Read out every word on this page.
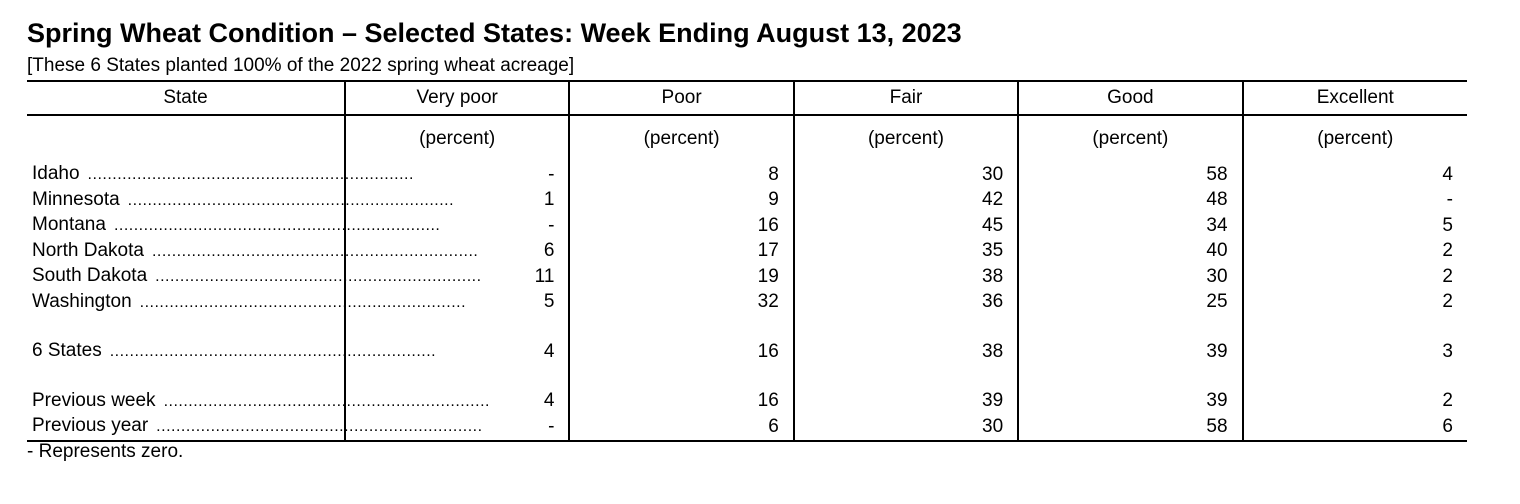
Spring Wheat Condition – Selected States: Week Ending August 13, 2023
[These 6 States planted 100% of the 2022 spring wheat acreage]
State	Very poor	Poor	Fair	Good	Excellent
	(percent)	(percent)	(percent)	(percent)	(percent)

Idaho ..................................................................	-	8	30	58	4

Minnesota ..................................................................	1	9	42	48	-

Montana ..................................................................	-	16	45	34	5

North Dakota ..................................................................	6	17	35	40	2

South Dakota ..................................................................	11	19	38	30	2

Washington ..................................................................	5	32	36	25	2

6 States ..................................................................	4	16	38	39	3

Previous week ..................................................................	4	16	39	39	2

Previous year ..................................................................	-	6	30	58	6
- Represents zero.
